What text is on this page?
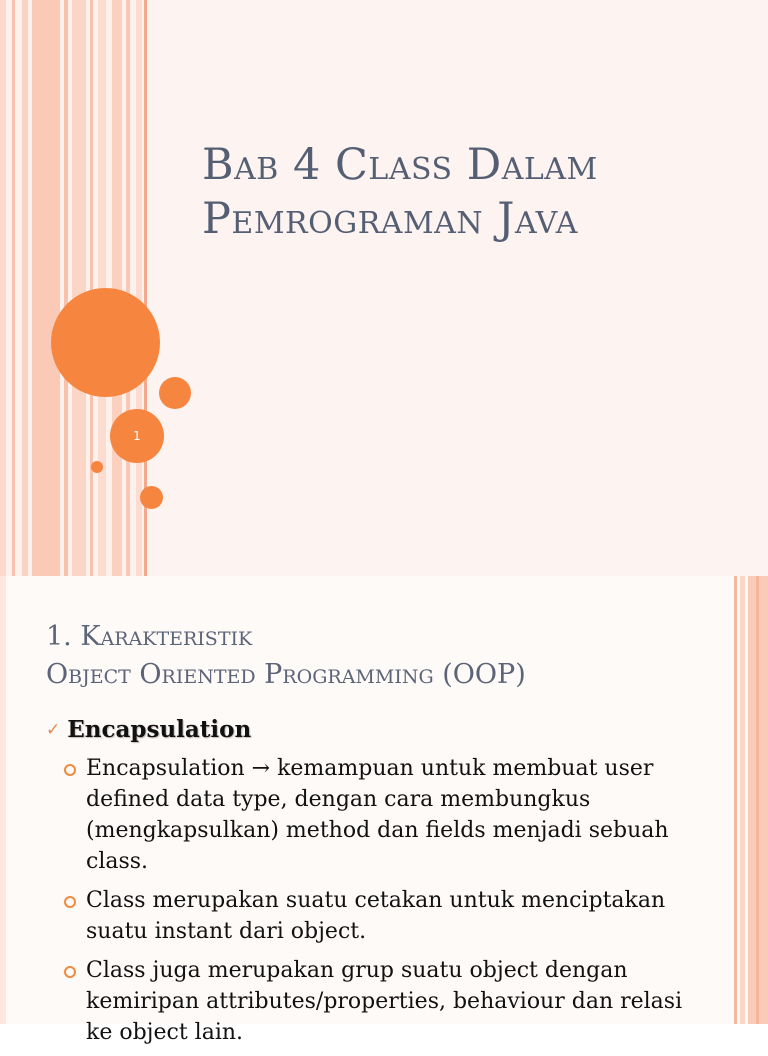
Bab 4 Class Dalam
Pemrograman Java
1
1. Karakteristik
Object Oriented Programming (OOP)
✓ Encapsulation
Encapsulation → kemampuan untuk membuat user defined data type, dengan cara membungkus (mengkapsulkan) method dan fields menjadi sebuah class.
Class merupakan suatu cetakan untuk menciptakan suatu instant dari object.
Class juga merupakan grup suatu object dengan kemiripan attributes/properties, behaviour dan relasi ke object lain.
